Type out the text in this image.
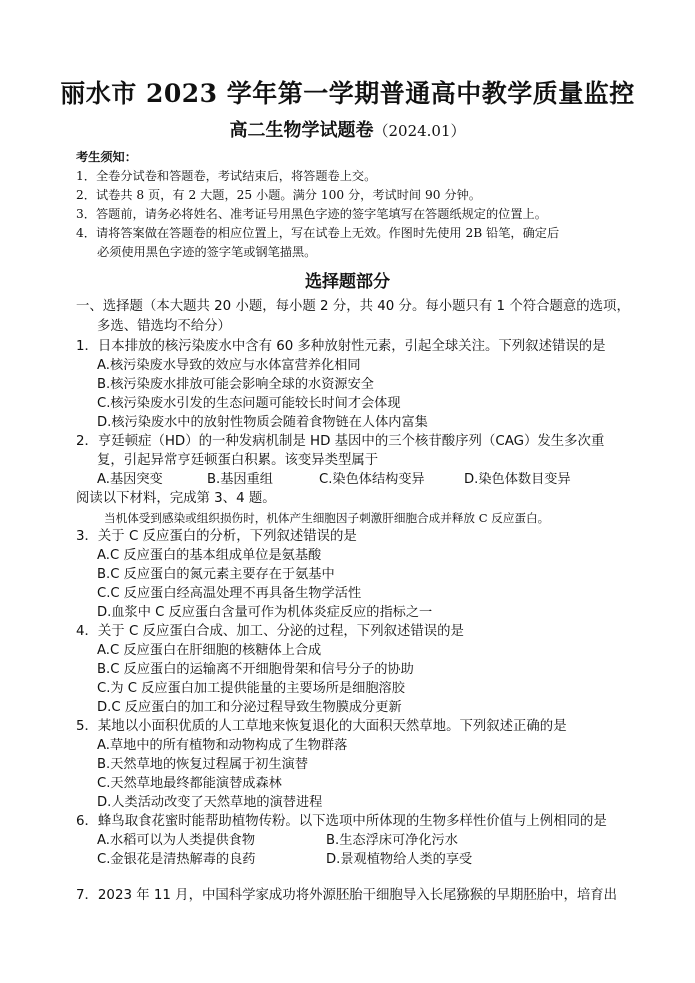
丽水市 2023 学年第一学期普通高中教学质量监控
高二生物学试题卷（2024.01）
考生须知：
1．全卷分试卷和答题卷，考试结束后，将答题卷上交。
2．试卷共 8 页，有 2 大题，25 小题。满分 100 分，考试时间 90 分钟。
3．答题前，请务必将姓名、准考证号用黑色字迹的签字笔填写在答题纸规定的位置上。
4．请将答案做在答题卷的相应位置上，写在试卷上无效。作图时先使用 2B 铅笔，确定后
必须使用黑色字迹的签字笔或钢笔描黑。
选择题部分
一、选择题（本大题共 20 小题，每小题 2 分，共 40 分。每小题只有 1 个符合题意的选项，
多选、错选均不给分）
1．日本排放的核污染废水中含有 60 多种放射性元素，引起全球关注。下列叙述错误的是
A.核污染废水导致的效应与水体富营养化相同
B.核污染废水排放可能会影响全球的水资源安全
C.核污染废水引发的生态问题可能较长时间才会体现
D.核污染废水中的放射性物质会随着食物链在人体内富集
2．亨廷顿症（HD）的一种发病机制是 HD 基因中的三个核苷酸序列（CAG）发生多次重
复，引起异常亨廷顿蛋白积累。该变异类型属于
A.基因突变	B.基因重组	C.染色体结构变异	D.染色体数目变异
阅读以下材料，完成第 3、4 题。
当机体受到感染或组织损伤时，机体产生细胞因子刺激肝细胞合成并释放 C 反应蛋白。
3．关于 C 反应蛋白的分析，下列叙述错误的是
A.C 反应蛋白的基本组成单位是氨基酸
B.C 反应蛋白的氮元素主要存在于氨基中
C.C 反应蛋白经高温处理不再具备生物学活性
D.血浆中 C 反应蛋白含量可作为机体炎症反应的指标之一
4．关于 C 反应蛋白合成、加工、分泌的过程，下列叙述错误的是
A.C 反应蛋白在肝细胞的核糖体上合成
B.C 反应蛋白的运输离不开细胞骨架和信号分子的协助
C.为 C 反应蛋白加工提供能量的主要场所是细胞溶胶
D.C 反应蛋白的加工和分泌过程导致生物膜成分更新
5．某地以小面积优质的人工草地来恢复退化的大面积天然草地。下列叙述正确的是
A.草地中的所有植物和动物构成了生物群落
B.天然草地的恢复过程属于初生演替
C.天然草地最终都能演替成森林
D.人类活动改变了天然草地的演替进程
6．蜂鸟取食花蜜时能帮助植物传粉。以下选项中所体现的生物多样性价值与上例相同的是
A.水稻可以为人类提供食物	B.生态浮床可净化污水
C.金银花是清热解毒的良药	D.景观植物给人类的享受
7．2023 年 11 月，中国科学家成功将外源胚胎干细胞导入长尾猕猴的早期胚胎中，培育出
